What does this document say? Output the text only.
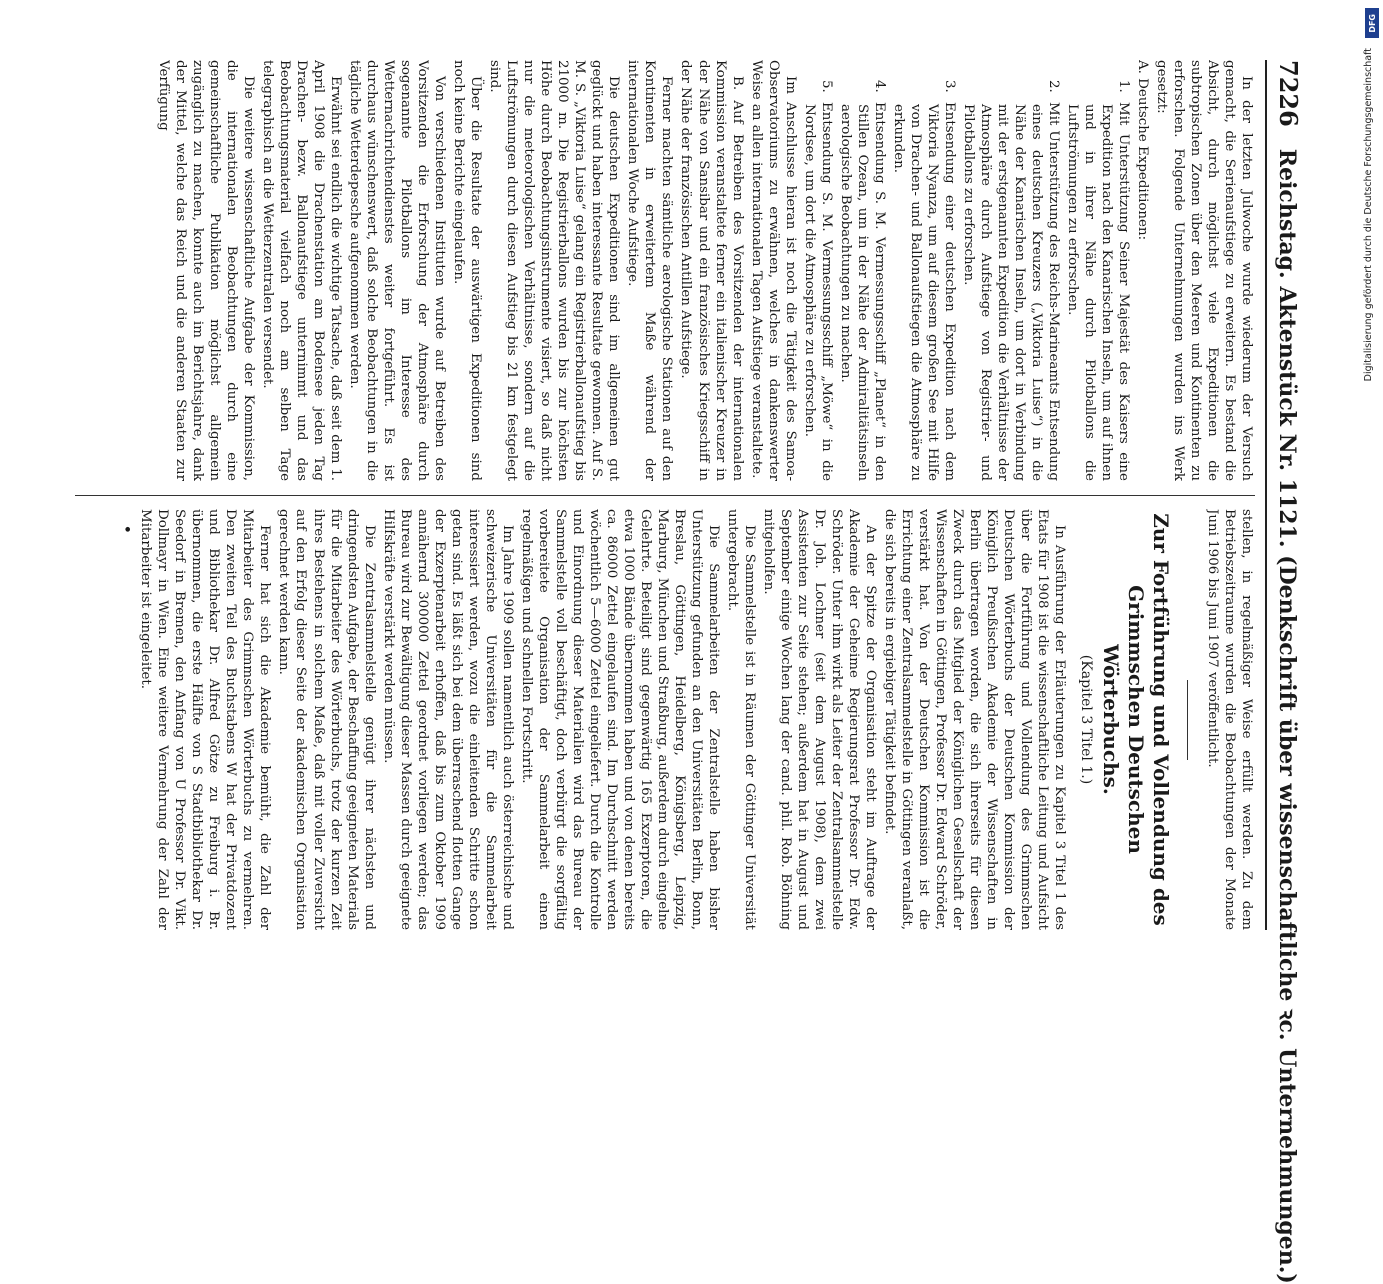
7226
Reichstag. Aktenstück Nr. 1121. (Denkschrift über wissenschaftliche ꝛc. Unternehmungen.)

In der letzten Julwoche wurde wiederum der Versuch gemacht, die Serienaufstiege zu erweitern. Es bestand die Absicht, durch möglichst viele Expeditionen die subtropischen Zonen über den Meeren und Kontinenten zu erforschen. Folgende Unternehmungen wurden ins Werk gesetzt:

A. Deutsche Expeditionen:

1.Mit Unterstützung Seiner Majestät des Kaisers eine Expedition nach den Kanarischen Inseln, um auf ihnen und in ihrer Nähe durch Pilotballons die Luftströmungen zu erforschen.
2.Mit Unterstützung des Reichs-Marineamts Entsendung eines deutschen Kreuzers („Viktoria Luise“) in die Nähe der Kanarischen Inseln, um dort in Verbindung mit der erstgenannten Expedition die Verhältnisse der Atmosphäre durch Aufstiege von Registrier- und Pilotballons zu erforschen.
3.Entsendung einer deutschen Expedition nach dem Viktoria Nyanza, um auf diesem großen See mit Hilfe von Drachen- und Ballonaufstiegen die Atmosphäre zu erkunden.
4.Entsendung S. M. Vermessungsschiff „Planet“ in den Stillen Ozean, um in der Nähe der Admiralitätsinseln aerologische Beobachtungen zu machen.
5.Entsendung S. M. Vermessungsschiff „Möwe“ in die Nordsee, um dort die Atmosphäre zu erforschen.

Im Anschlusse hieran ist noch die Tätigkeit des Samoa-Observatoriums zu erwähnen, welches in dankenswerter Weise an allen internationalen Tagen Aufstiege veranstaltete.

B. Auf Betreiben des Vorsitzenden der internationalen Kommission veranstaltete ferner ein italienischer Kreuzer in der Nähe von Sansibar und ein französisches Kriegsschiff in der Nähe der französischen Antillen Aufstiege.

Ferner machten sämtliche aerologische Stationen auf den Kontinenten in erweitertem Maße während der internationalen Woche Aufstiege.

Die deutschen Expeditionen sind im allgemeinen gut geglückt und haben interessante Resultate gewonnen. Auf S. M. S. „Viktoria Luise“ gelang ein Registrierballonaufstieg bis 21000 m. Die Registrierballons wurden bis zur höchsten Höhe durch Beobachtungsinstrumente visiert, so daß nicht nur die meteorologischen Verhältnisse, sondern auf die Luftströmungen durch diesen Aufstieg bis 21 km festgelegt sind.

Über die Resultate der auswärtigen Expeditionen sind noch keine Berichte eingelaufen.

Von verschiedenen Instituten wurde auf Betreiben des Vorsitzenden die Erforschung der Atmosphäre durch sogenannte Pilotballons im Interesse des Wetternachrichtendienstes weiter fortgeführt. Es ist durchaus wünschenswert, daß solche Beobachtungen in die tägliche Wetterdepesche aufgenommen werden.

Erwähnt sei endlich die wichtige Tatsache, daß seit dem 1. April 1908 die Drachenstation am Bodensee jeden Tag Drachen- bezw. Ballonaufstiege unternimmt und das Beobachtungsmaterial vielfach noch am selben Tage telegraphisch an die Wetterzentralen versendet.

Die weitere wissenschaftliche Aufgabe der Kommission, die internationalen Beobachtungen durch eine gemeinschaftliche Publikation möglichst allgemein zugänglich zu machen, konnte auch im Berichtsjahre, dank der Mittel, welche das Reich und die anderen Staaten zur Verfügung

stellen, in regelmäßiger Weise erfüllt werden. Zu dem Betriebszeitraume wurden die Beobachtungen der Monate Juni 1906 bis Juni 1907 veröffentlicht.

Zur Fortführung und Vollendung des Grimmschen Deutschen Wörterbuchs.
(Kapitel 3 Titel 1.)

In Ausführung der Erläuterungen zu Kapitel 3 Titel 1 des Etats für 1908 ist die wissenschaftliche Leitung und Aufsicht über die Fortführung und Vollendung des Grimmschen Deutschen Wörterbuchs der Deutschen Kommission der Königlich Preußischen Akademie der Wissenschaften in Berlin übertragen worden, die sich ihrerseits für diesen Zweck durch das Mitglied der Königlichen Gesellschaft der Wissenschaften in Göttingen, Professor Dr. Edward Schröder, verstärkt hat. Von der Deutschen Kommission ist die Errichtung einer Zentralsammelstelle in Göttingen veranlaßt, die sich bereits in ergiebiger Tätigkeit befindet.

An der Spitze der Organisation steht im Auftrage der Akademie der Geheime Regierungsrat Professor Dr. Edw. Schröder. Unter ihm wirkt als Leiter der Zentralsammelstelle Dr. Joh. Lochner (seit dem August 1908), dem zwei Assistenten zur Seite stehen; außerdem hat in August und September einige Wochen lang der cand. phil. Rob. Böhning mitgeholfen.

Die Sammelstelle ist in Räumen der Göttinger Universität untergebracht.

Die Sammelarbeiten der Zentralstelle haben bisher Unterstützung gefunden an den Universitäten Berlin, Bonn, Breslau, Göttingen, Heidelberg, Königsberg, Leipzig, Marburg, München und Straßburg, außerdem durch eingelne Gelehrte. Beteiligt sind gegenwärtig 165 Exzerptoren, die etwa 1000 Bände übernommen haben und von denen bereits ca. 86000 Zettel eingelaufen sind. Im Durchschnitt werden wöchentlich 5—6000 Zettel eingeliefert. Durch die Kontrolle und Einordnung dieser Materialien wird das Bureau der Sammelstelle voll beschäftigt, doch verbürgt die sorgfältig vorbereitete Organisation der Sammelarbeit einen regelmäßigen und schnellen Fortschritt.

Im Jahre 1909 sollen namentlich auch österreichische und schweizerische Universitäten für die Sammelarbeit interessiert werden, wozu die einleitenden Schritte schon getan sind. Es läßt sich bei dem überraschend flotten Gange der Exzerptenarbeit erhoffen, daß bis zum Oktober 1909 annähernd 300000 Zettel geordnet vorliegen werden; das Bureau wird zur Bewältigung dieser Massen durch geeignete Hilfskräfte verstärkt werden müssen.

Die Zentralsammelstelle genügt ihrer nächsten und dringendsten Aufgabe, der Beschaffung geeigneten Materials für die Mitarbeiter des Wörterbuchs, trotz der kurzen Zeit ihres Bestehens in solchem Maße, daß mit voller Zuversicht auf den Erfolg dieser Seite der akademischen Organisation gerechnet werden kann.

Ferner hat sich die Akademie bemüht, die Zahl der Mitarbeiter des Grimmschen Wörterbuchs zu vermehren. Den zweiten Teil des Buchstabens W hat der Privatdozent und Bibliothekar Dr. Alfred Götze zu Freiburg i. Br. übernommen, die erste Hälfte von S Stadtbibliothekar Dr. Seedorf in Bremen, den Anfang von U Professor Dr. Vikt. Dollmayr in Wien. Eine weitere Vermehrung der Zahl der Mitarbeiter ist eingeleitet.

•

DFG
Digitalisierung gefördert durch die Deutsche Forschungsgemeinschaft
